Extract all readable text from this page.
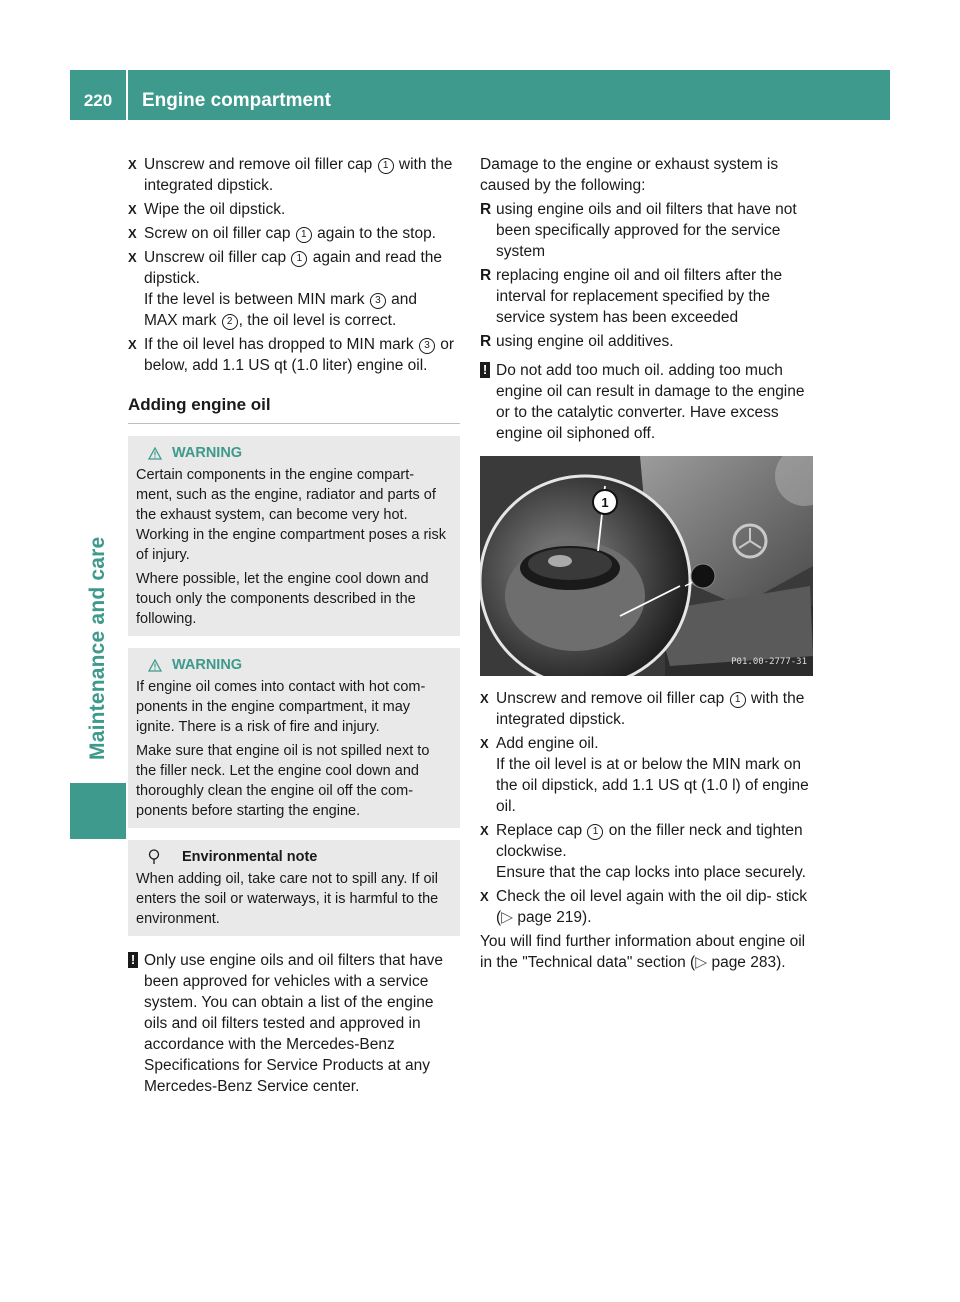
220	Engine compartment
Maintenance and care

X Unscrew and remove oil filler cap 1 with the integrated dipstick.

X Wipe the oil dipstick.

X Screw on oil filler cap 1 again to the stop.

X Unscrew oil filler cap 1 again and read the dipstick.
If the level is between MIN mark 3 and
MAX mark 2 , the oil level is correct.

X If the oil level has dropped to MIN mark 3 or below, add 1.1 US qt (1.0 liter) engine oil.

Adding engine oil
WARNING

Certain components in the engine compart- ment, such as the engine, radiator and parts of the exhaust system, can become very hot. Working in the engine compartment poses a risk of injury.

Where possible, let the engine cool down and touch only the components described in the following.

WARNING

If engine oil comes into contact with hot com- ponents in the engine compartment, it may ignite. There is a risk of fire and injury.

Make sure that engine oil is not spilled next to the filler neck. Let the engine cool down and thoroughly clean the engine oil off the com- ponents before starting the engine.

Environmental note

When adding oil, take care not to spill any. If oil enters the soil or waterways, it is harmful to the environment.

! Only use engine oils and oil filters that have been approved for vehicles with a service system. You can obtain a list of the engine oils and oil filters tested and approved in accordance with the Mercedes-Benz Specifications for Service Products at any Mercedes-Benz Service center.

Damage to the engine or exhaust system is caused by the following:

R using engine oils and oil filters that have not been specifically approved for the service system

R replacing engine oil and oil filters after the interval for replacement specified by the service system has been exceeded

R using engine oil additives.

! Do not add too much oil. adding too much engine oil can result in damage to the engine or to the catalytic converter. Have excess engine oil siphoned off.

1
P01.00-2777-31

X Unscrew and remove oil filler cap 1 with the integrated dipstick.

X Add engine oil.
If the oil level is at or below the MIN mark on the oil dipstick, add 1.1 US qt (1.0 l) of engine oil.

X Replace cap 1 on the filler neck and tighten clockwise.
Ensure that the cap locks into place securely.

X Check the oil level again with the oil dip- stick (▷ page 219).

You will find further information about engine oil in the "Technical data" section (▷ page 283).
